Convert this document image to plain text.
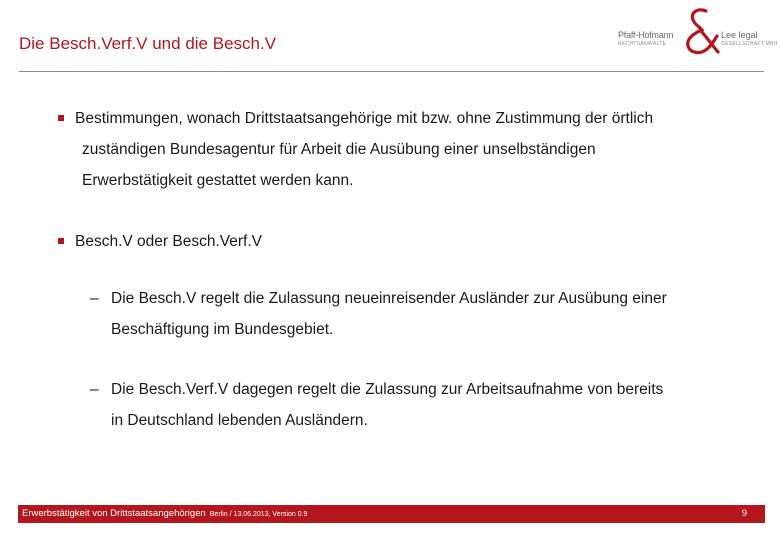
Die Besch.Verf.V und die Besch.V	Pfaff-Hofmann
RECHTSANWÄLTE
Lee legal
GESELLSCHAFT MBH
Bestimmungen, wonach Drittstaatsangehörige mit bzw. ohne Zustimmung der örtlich
zuständigen Bundesagentur für Arbeit die Ausübung einer unselbständigen
Erwerbstätigkeit gestattet werden kann.
Besch.V oder Besch.Verf.V
– Die Besch.V regelt die Zulassung neueinreisender Ausländer zur Ausübung einer
Beschäftigung im Bundesgebiet.
– Die Besch.Verf.V dagegen regelt die Zulassung zur Arbeitsaufnahme von bereits
in Deutschland lebenden Ausländern.
Erwerbstätigkeit von Drittstaatsangehörigen Berlin / 13.06.2013, Version 0.9	9
